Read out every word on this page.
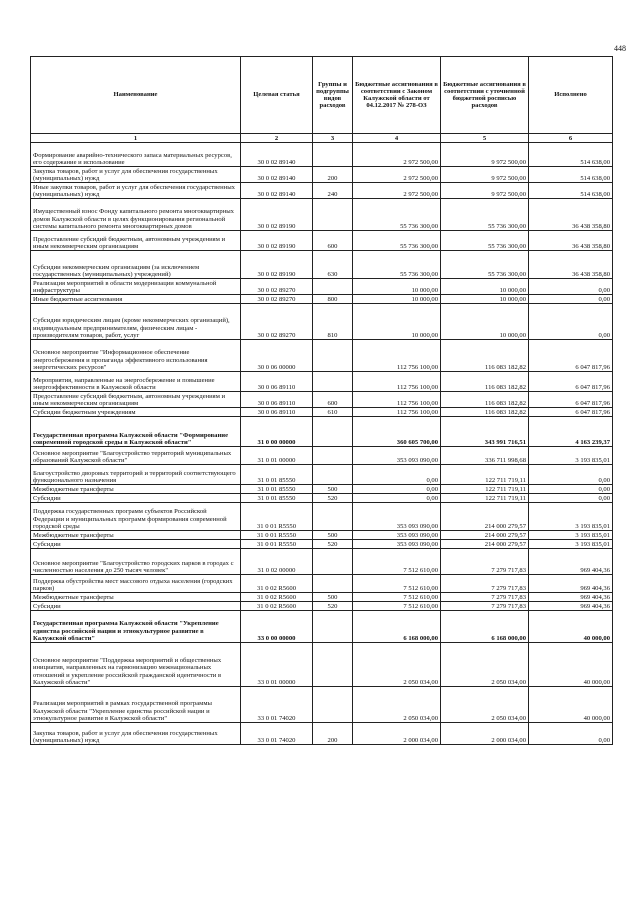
448
Наименование	Целевая статья	Группы и подгруппы видов расходов	Бюджетные ассигнования в соответствии с Законом Калужской области от 04.12.2017 № 278-ОЗ	Бюджетные ассигнования в соответствии с уточненной бюджетной росписью расходов	Исполнено
1	2	3	4	5	6
Формирование аварийно-технического запаса материальных ресурсов, его содержание и использование	30 0 02 89140		2 972 500,00	9 972 500,00	514 638,00
Закупка товаров, работ и услуг для обеспечения государственных (муниципальных) нужд	30 0 02 89140	200	2 972 500,00	9 972 500,00	514 638,00
Иные закупки товаров, работ и услуг для обеспечения государственных (муниципальных) нужд	30 0 02 89140	240	2 972 500,00	9 972 500,00	514 638,00
Имущественный взнос Фонду капитального ремонта многоквартирных домов Калужской области в целях функционирования региональной системы капитального ремонта многоквартирных домов	30 0 02 89190		55 736 300,00	55 736 300,00	36 438 358,80
Предоставление субсидий бюджетным, автономным учреждениям и иным некоммерческим организациям	30 0 02 89190	600	55 736 300,00	55 736 300,00	36 438 358,80
Субсидии некоммерческим организациям (за исключением государственных (муниципальных) учреждений)	30 0 02 89190	630	55 736 300,00	55 736 300,00	36 438 358,80
Реализация мероприятий в области модернизации коммунальной инфраструктуры	30 0 02 89270		10 000,00	10 000,00	0,00
Иные бюджетные ассигнования	30 0 02 89270	800	10 000,00	10 000,00	0,00
Субсидии юридическим лицам (кроме некоммерческих организаций), индивидуальным предпринимателям, физическим лицам - производителям товаров, работ, услуг	30 0 02 89270	810	10 000,00	10 000,00	0,00
Основное мероприятие "Информационное обеспечение энергосбережения и пропаганда эффективного использования энергетических ресурсов"	30 0 06 00000		112 756 100,00	116 083 182,82	6 047 817,96
Мероприятия, направленные на энергосбережение и повышение энергоэффективности в Калужской области	30 0 06 89110		112 756 100,00	116 083 182,82	6 047 817,96
Предоставление субсидий бюджетным, автономным учреждениям и иным некоммерческим организациям	30 0 06 89110	600	112 756 100,00	116 083 182,82	6 047 817,96
Субсидии бюджетным учреждениям	30 0 06 89110	610	112 756 100,00	116 083 182,82	6 047 817,96
Государственная программа Калужской области "Формирование современной городской среды в Калужской области"	31 0 00 00000		360 605 700,00	343 991 716,51	4 163 239,37
Основное мероприятие "Благоустройство территорий муниципальных образований Калужской области"	31 0 01 00000		353 093 090,00	336 711 998,68	3 193 835,01
Благоустройство дворовых территорий и территорий соответствующего функционального назначения	31 0 01 85550		0,00	122 711 719,11	0,00
Межбюджетные трансферты	31 0 01 85550	500	0,00	122 711 719,11	0,00
Субсидии	31 0 01 85550	520	0,00	122 711 719,11	0,00
Поддержка государственных программ субъектов Российской Федерации и муниципальных программ формирования современной городской среды	31 0 01 R5550		353 093 090,00	214 000 279,57	3 193 835,01
Межбюджетные трансферты	31 0 01 R5550	500	353 093 090,00	214 000 279,57	3 193 835,01
Субсидии	31 0 01 R5550	520	353 093 090,00	214 000 279,57	3 193 835,01
Основное мероприятие "Благоустройство городских парков в городах с численностью населения до 250 тысяч человек"	31 0 02 00000		7 512 610,00	7 279 717,83	969 404,36
Поддержка обустройства мест массового отдыха населения (городских парков)	31 0 02 R5600		7 512 610,00	7 279 717,83	969 404,36
Межбюджетные трансферты	31 0 02 R5600	500	7 512 610,00	7 279 717,83	969 404,36
Субсидии	31 0 02 R5600	520	7 512 610,00	7 279 717,83	969 404,36
Государственная программа Калужской области "Укрепление единства российской нации и этнокультурное развитие в Калужской области"	33 0 00 00000		6 168 000,00	6 168 000,00	40 000,00
Основное мероприятие "Поддержка мероприятий и общественных инициатив, направленных на гармонизацию межнациональных отношений и укрепление российской гражданской идентичности в Калужской области"	33 0 01 00000		2 050 034,00	2 050 034,00	40 000,00
Реализация мероприятий в рамках государственной программы Калужской области "Укрепление единства российской нации и этнокультурное развитие в Калужской области"	33 0 01 74020		2 050 034,00	2 050 034,00	40 000,00
Закупка товаров, работ и услуг для обеспечения государственных (муниципальных) нужд	33 0 01 74020	200	2 000 034,00	2 000 034,00	0,00
